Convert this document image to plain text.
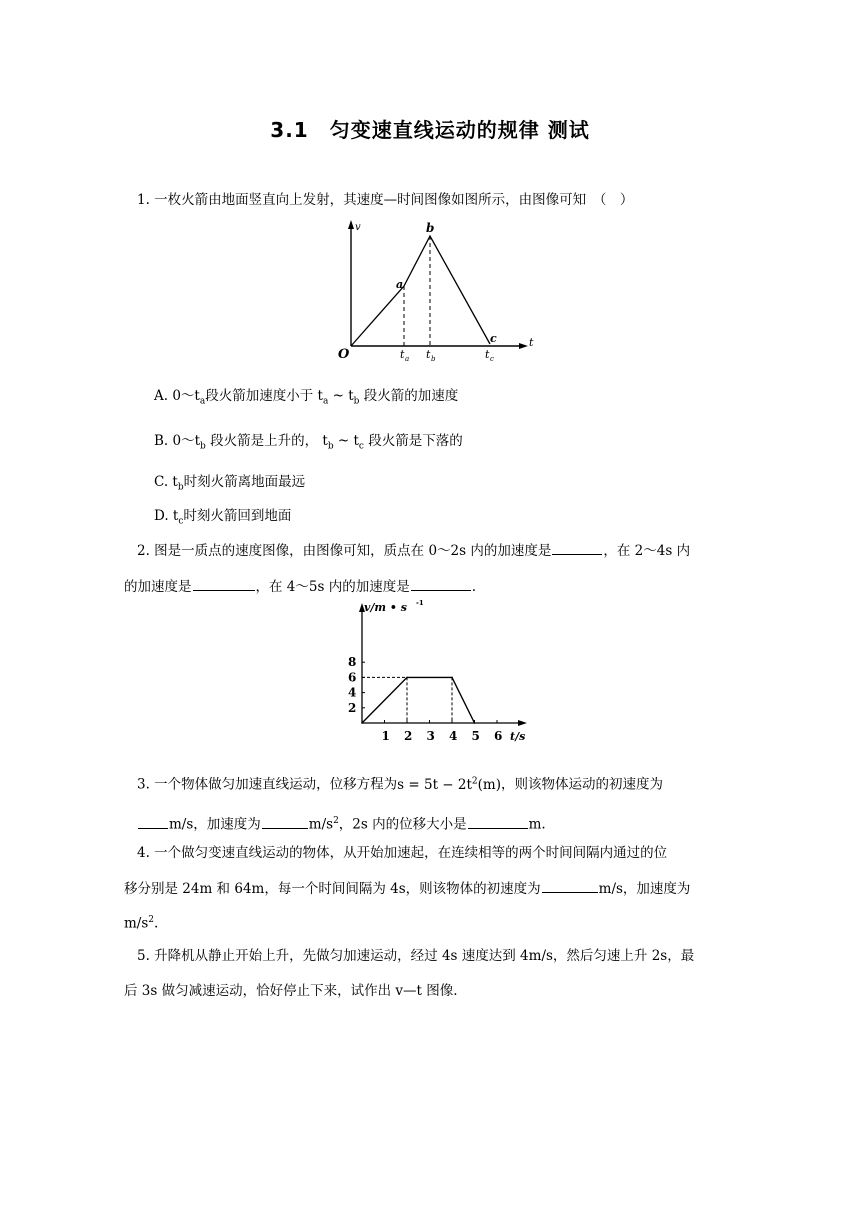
3.1　匀变速直线运动的规律 测试
1. 一枚火箭由地面竖直向上发射，其速度—时间图像如图所示，由图像可知　（　）
v
t
O
a
b
c
t a t b	t c
A. $0\sim t_a$段火箭加速度小于 $t_a$ ~ $t_b$ 段火箭的加速度
B. $0\sim t_b$ 段火箭是上升的， $t_b$ ~ $t_c$ 段火箭是下落的
C. $t_b$时刻火箭离地面最远
D. $t_c$时刻火箭回到地面
2. 图是一质点的速度图像，由图像可知，质点在 0～2s 内的加速度是	，在 2～4s 内
的加速度是	，在 4～5s 内的加速度是	.
v/m • s -1
t/s
2
4
6
8
1 2 3 4 5 6
3. 一个物体做匀加速直线运动，位移方程为$s = 5t - 2t^2(m)$，则该物体运动的初速度为
m/s，加速度为	$m/s^2$，2s 内的位移大小是	m.
4. 一个做匀变速直线运动的物体，从开始加速起，在连续相等的两个时间间隔内通过的位
移分别是 24m 和 64m，每一个时间间隔为 4s，则该物体的初速度为	m/s，加速度为
$m/s^2$.
5. 升降机从静止开始上升，先做匀加速运动，经过 4s 速度达到 4m/s，然后匀速上升 2s，最
后 3s 做匀减速运动，恰好停止下来，试作出 v—t 图像.
